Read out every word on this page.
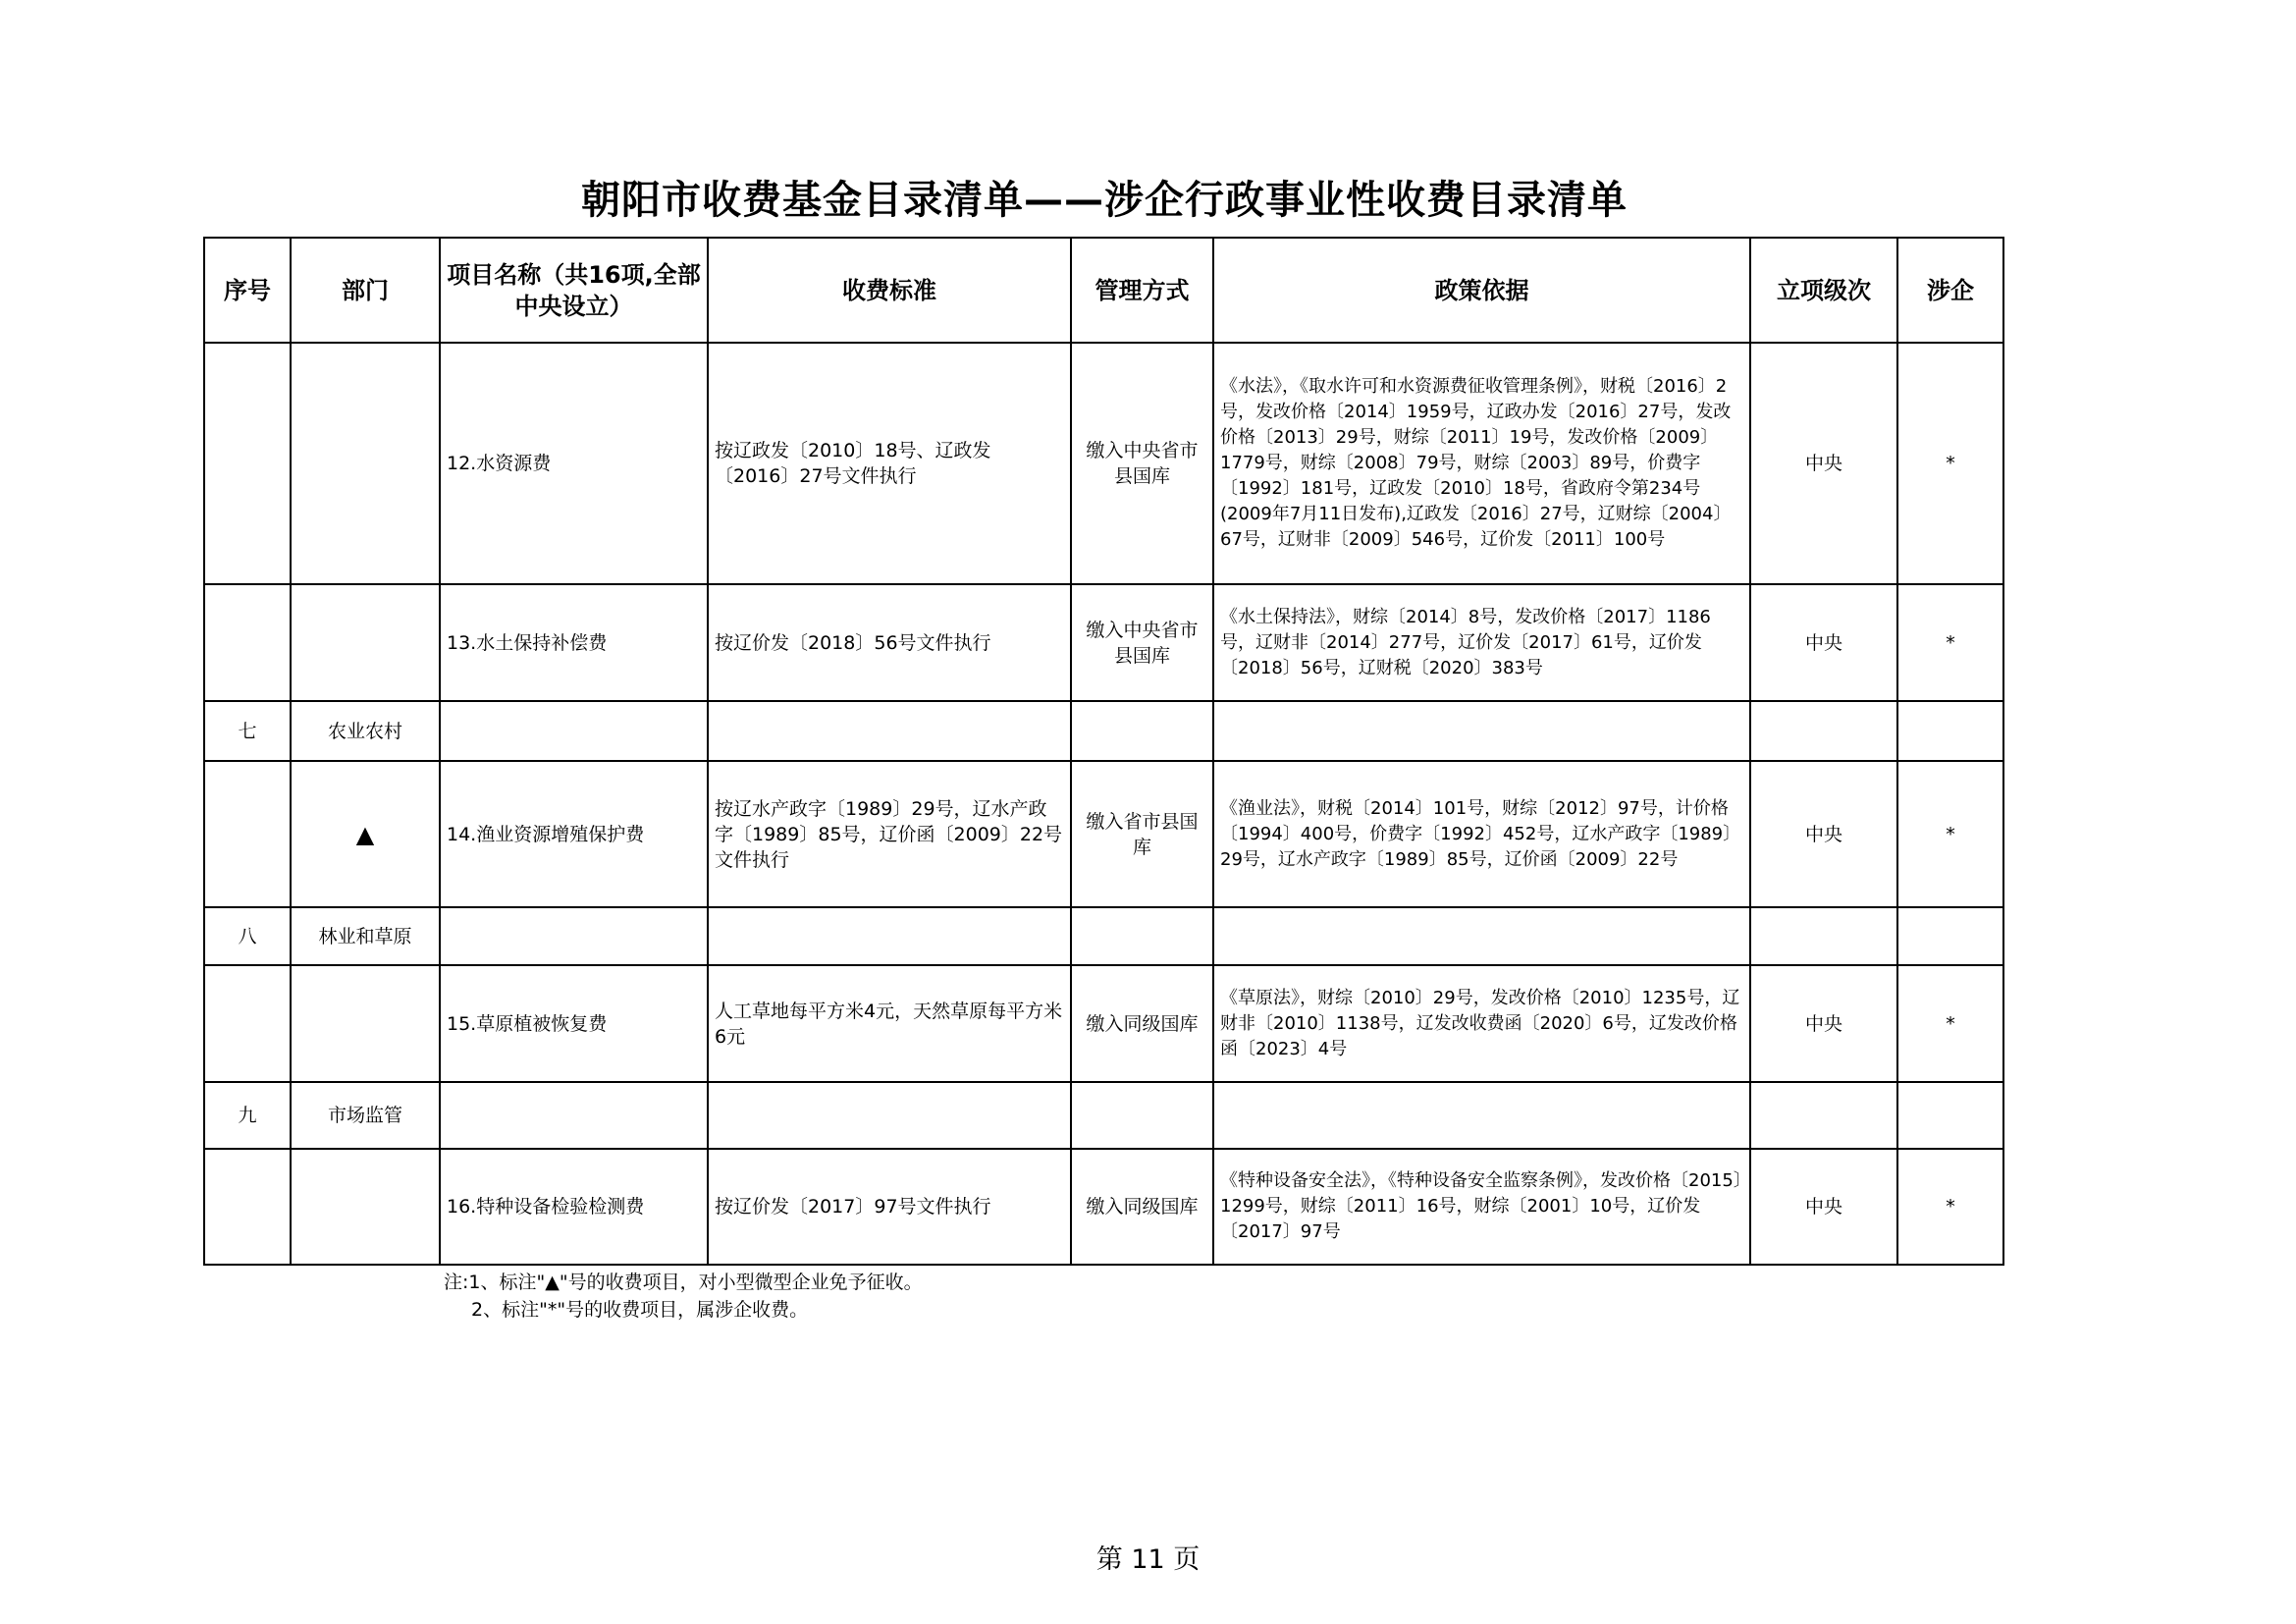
朝阳市收费基金目录清单——涉企行政事业性收费目录清单
序号	部门	项目名称（共16项,全部中央设立）	收费标准	管理方式	政策依据	立项级次	涉企
		12.水资源费	按辽政发〔2010〕18号、辽政发〔2016〕27号文件执行	缴入中央省市县国库	《水法》，《取水许可和水资源费征收管理条例》，财税〔2016〕2号，发改价格〔2014〕1959号，辽政办发〔2016〕27号，发改价格〔2013〕29号，财综〔2011〕19号，发改价格〔2009〕1779号，财综〔2008〕79号，财综〔2003〕89号，价费字〔1992〕181号，辽政发〔2010〕18号，省政府令第234号(2009年7月11日发布),辽政发〔2016〕27号，辽财综〔2004〕67号，辽财非〔2009〕546号，辽价发〔2011〕100号	中央	*
		13.水土保持补偿费	按辽价发〔2018〕56号文件执行	缴入中央省市县国库	《水土保持法》，财综〔2014〕8号，发改价格〔2017〕1186号，辽财非〔2014〕277号，辽价发〔2017〕61号，辽价发〔2018〕56号，辽财税〔2020〕383号	中央	*
七	农业农村						
	▲	14.渔业资源增殖保护费	按辽水产政字〔1989〕29号，辽水产政字〔1989〕85号，辽价函〔2009〕22号文件执行	缴入省市县国库	《渔业法》，财税〔2014〕101号，财综〔2012〕97号，计价格〔1994〕400号，价费字〔1992〕452号，辽水产政字〔1989〕29号，辽水产政字〔1989〕85号，辽价函〔2009〕22号	中央	*
八	林业和草原						
		15.草原植被恢复费	人工草地每平方米4元，天然草原每平方米6元	缴入同级国库	《草原法》，财综〔2010〕29号，发改价格〔2010〕1235号，辽财非〔2010〕1138号，辽发改收费函〔2020〕6号，辽发改价格函〔2023〕4号	中央	*
九	市场监管						
		16.特种设备检验检测费	按辽价发〔2017〕97号文件执行	缴入同级国库	《特种设备安全法》，《特种设备安全监察条例》，发改价格〔2015〕1299号，财综〔2011〕16号，财综〔2001〕10号，辽价发〔2017〕97号	中央	*
注:1、标注"▲"号的收费项目，对小型微型企业免予征收。
2、标注"*"号的收费项目，属涉企收费。
第 11 页
